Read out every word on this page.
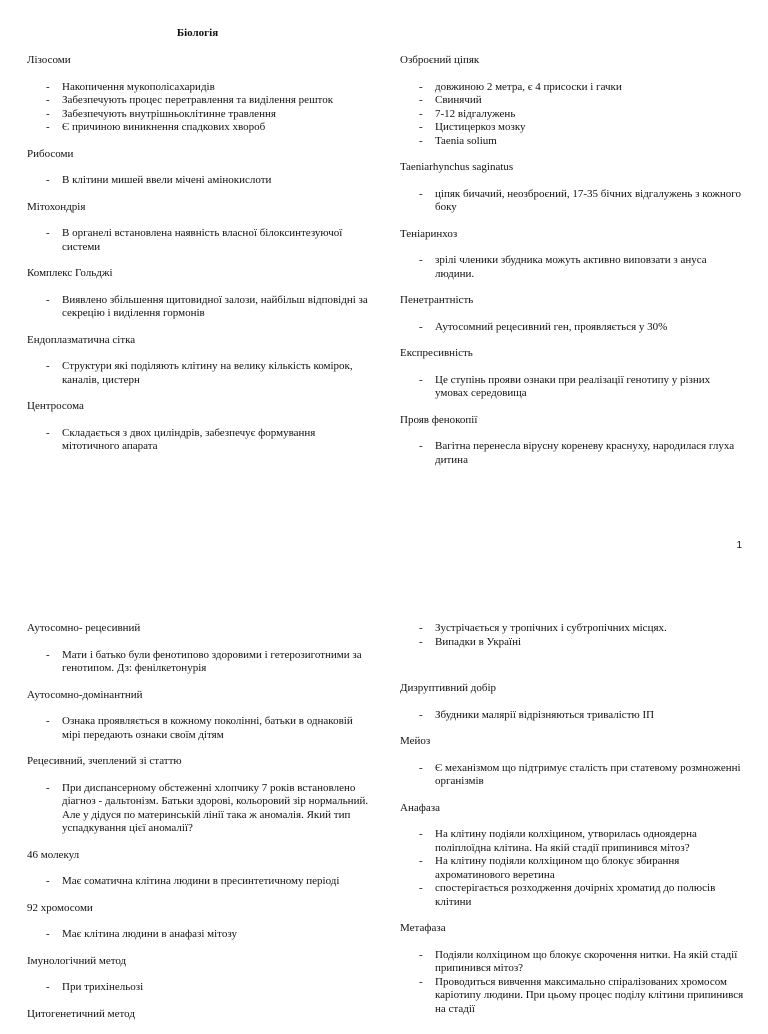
Біологія
Лізосоми
- Накопичення мукополісахаридів
- Забезпечують процес перетравлення та виділення решток
- Забезпечують внутрішньоклітинне травлення
- Є причиною виникнення спадкових хвороб
Рибосоми
- В клітини мишей ввели мічені амінокислоти
Мітохондрія
- В органелі встановлена наявність власної білоксинтезуючої системи
Комплекс Гольджі
- Виявлено збільшення щитовидної залози, найбільш відповідні за секрецію і виділення гормонів
Ендоплазматична сітка
- Структури які поділяють клітину на велику кількість комірок, каналів, цистерн
Центросома
- Складається з двох циліндрів, забезпечує формування мітотичного апарата
Озброєний ціпяк
- довжиною 2 метра, є 4 присоски і гачки
- Свинячий
- 7-12 відгалужень
- Цистицеркоз мозку
- Taenia solium
Taeniarhynchus saginatus
- ціпяк бичачий, неозброєний, 17-35 бічних відгалужень з кожного боку
Теніаринхоз
- зрілі членики збудника можуть активно виповзати з ануса людини.
Пенетрантність
- Аутосомний рецесивний ген, проявляється у 30%
Експресивність
- Це ступінь прояви ознаки при реалізації генотипу у різних умовах середовища
Прояв фенокопії
- Вагітна перенесла вірусну кореневу краснуху, народилася глуха дитина
1
Аутосомно- рецесивний
- Мати і батько були фенотипово здоровими і гетерозиготними за генотипом. Дз: фенілкетонурія
Аутосомно-домінантний
- Ознака проявляється в кожному поколінні, батьки в однаковій мірі передають ознаки своїм дітям
Рецесивний, зчеплений зі статтю
- При диспансерному обстеженні хлопчику 7 років встановлено діагноз - дальтонізм. Батьки здорові, кольоровий зір нормальний. Але у дідуся по материнській лінії така ж аномалія. Який тип успадкування цієї аномалії?
46 молекул
- Має соматична клітина людини в пресинтетичному періоді
92 хромосоми
- Має клітина людини в анафазі мітозу
Імунологічний метод
- При трихінельозі
Цитогенетичний метод
- Зустрічається у тропічних і субтропічних місцях.
- Випадки в Україні
Дизруптивний добір
- Збудники малярії відрізняються тривалістю ІП
Мейоз
- Є механізмом що підтримує сталість при статевому розмноженні організмів
Анафаза
- На клітину подіяли колхіцином, утворилась одноядерна поліплоїдна клітина. На якій стадії припинився мітоз?
- На клітину подіяли колхіцином що блокує збирання ахроматинового веретина
- спостерігається розходження дочірніх хроматид до полюсів клітини
Метафаза
- Подіяли колхіцином що блокує скорочення нитки. На якій стадії припинився мітоз?
- Проводиться вивчення максимально спіралізованих хромосом каріотипу людини. При цьому процес поділу клітини припинився на стадії
